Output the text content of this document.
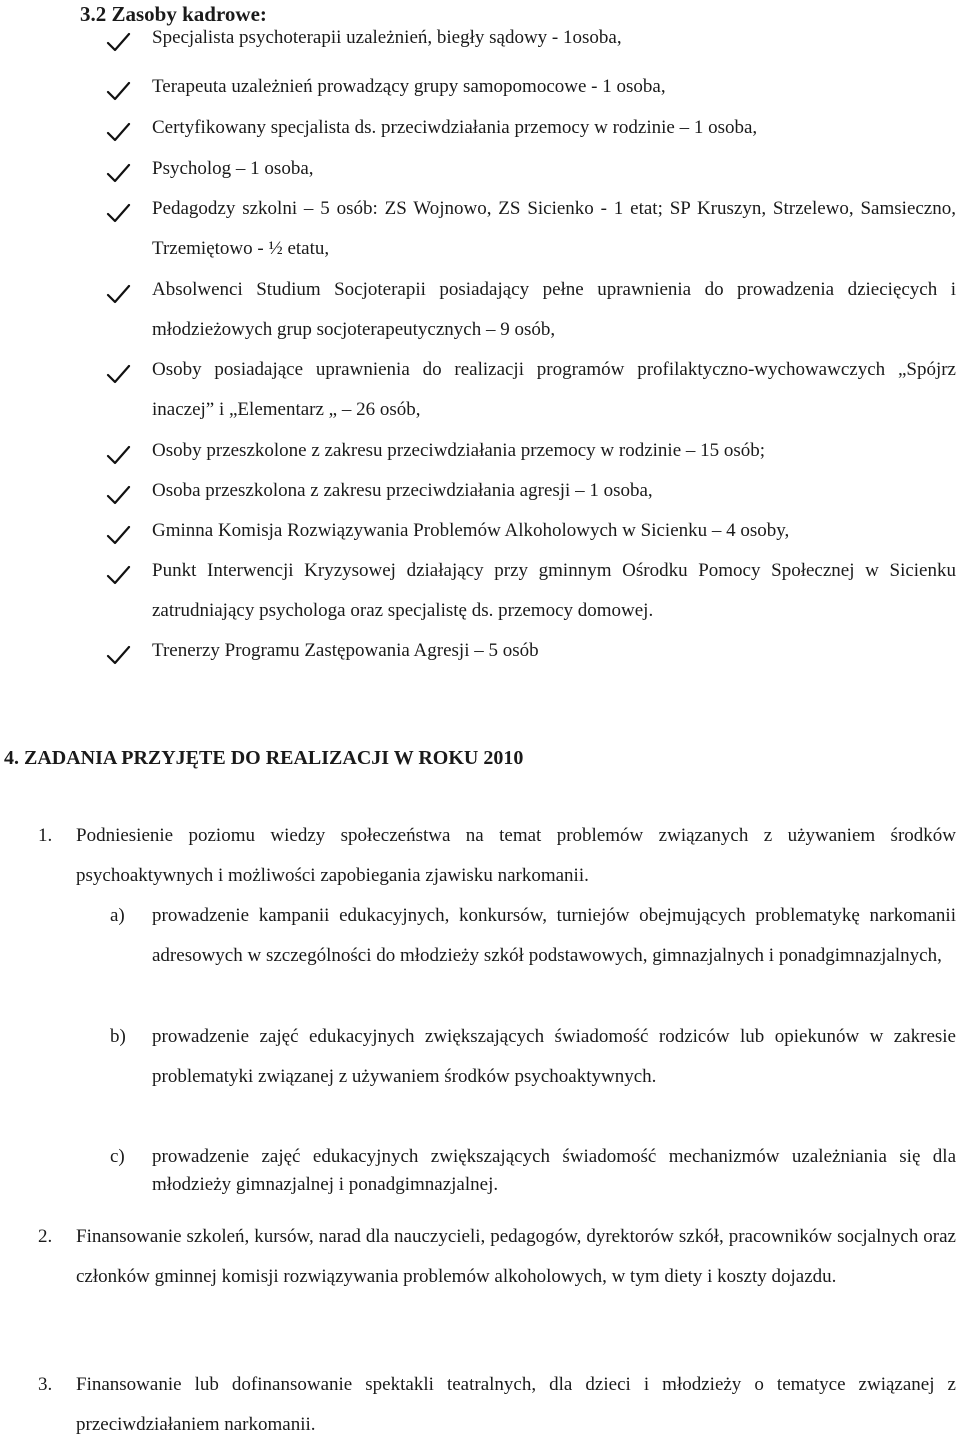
3.2 Zasoby kadrowe:
Specjalista psychoterapii uzależnień, biegły sądowy - 1osoba,
Terapeuta uzależnień prowadzący grupy samopomocowe - 1 osoba,
Certyfikowany specjalista ds. przeciwdziałania przemocy w rodzinie – 1 osoba,
Psycholog – 1 osoba,
Pedagodzy szkolni – 5 osób: ZS Wojnowo, ZS Sicienko - 1 etat; SP Kruszyn, Strzelewo, Samsieczno, Trzemiętowo - ½ etatu,
Absolwenci Studium Socjoterapii posiadający pełne uprawnienia do prowadzenia dziecięcych i młodzieżowych grup socjoterapeutycznych – 9 osób,
Osoby posiadające uprawnienia do realizacji programów profilaktyczno-wychowawczych „Spójrz inaczej” i „Elementarz „ – 26 osób,
Osoby przeszkolone z zakresu przeciwdziałania przemocy w rodzinie – 15 osób;
Osoba przeszkolona z zakresu przeciwdziałania agresji – 1 osoba,
Gminna Komisja Rozwiązywania Problemów Alkoholowych w Sicienku – 4 osoby,
Punkt Interwencji Kryzysowej działający przy gminnym Ośrodku Pomocy Społecznej w Sicienku zatrudniający psychologa oraz specjalistę ds. przemocy domowej.
Trenerzy Programu Zastępowania Agresji – 5 osób
4. ZADANIA PRZYJĘTE DO REALIZACJI W ROKU 2010
1. Podniesienie poziomu wiedzy społeczeństwa na temat problemów związanych z używaniem środków psychoaktywnych i możliwości zapobiegania zjawisku narkomanii.
a) prowadzenie kampanii edukacyjnych, konkursów, turniejów obejmujących problematykę narkomanii adresowych w szczególności do młodzieży szkół podstawowych, gimnazjalnych i ponadgimnazjalnych,
b) prowadzenie zajęć edukacyjnych zwiększających świadomość rodziców lub opiekunów w zakresie problematyki związanej z używaniem środków psychoaktywnych.
c) prowadzenie zajęć edukacyjnych zwiększających świadomość mechanizmów uzależniania się dla młodzieży gimnazjalnej i ponadgimnazjalnej.
2. Finansowanie szkoleń, kursów, narad dla nauczycieli, pedagogów, dyrektorów szkół, pracowników socjalnych oraz członków gminnej komisji rozwiązywania problemów alkoholowych, w tym diety i koszty dojazdu.
3. Finansowanie lub dofinansowanie spektakli teatralnych, dla dzieci i młodzieży o tematyce związanej z przeciwdziałaniem narkomanii.
